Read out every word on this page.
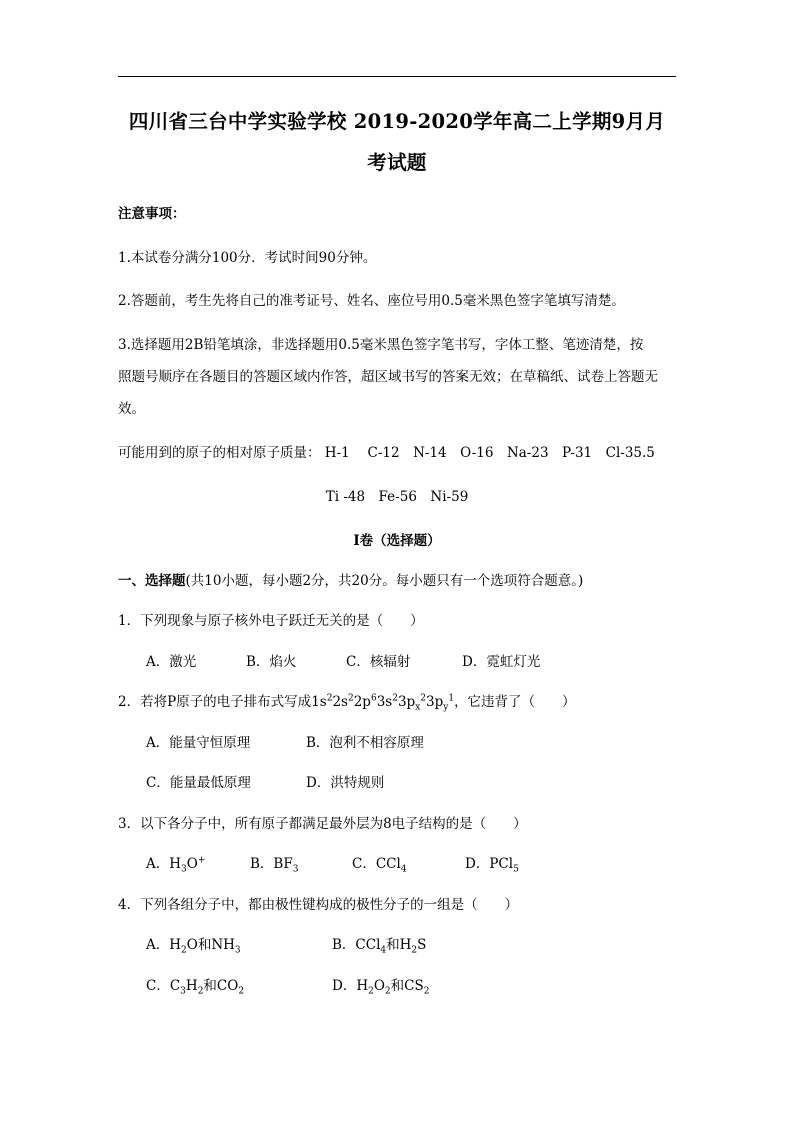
四川省三台中学实验学校 2019-2020学年高二上学期9月月
考试题
注意事项：
1.本试卷分满分100分．考试时间90分钟。
2.答题前，考生先将自己的准考证号、姓名、座位号用0.5毫米黑色签字笔填写清楚。
3.选择题用2B铅笔填涂，非选择题用0.5毫米黑色签字笔书写，字体工整、笔迹清楚，按
照题号顺序在各题目的答题区域内作答，超区域书写的答案无效；在草稿纸、试卷上答题无
效。
可能用到的原子的相对原子质量： H-1 　C-12　N-14　O-16　Na-23　P-31　Cl-35.5
Ti -48　Fe-56　Ni-59
I卷（选择题）
一、选择题(共10小题，每小题2分，共20分。每小题只有一个选项符合题意。)
1．下列现象与原子核外电子跃迁无关的是（　　）
A．激光	B．焰火	C．核辐射	D．霓虹灯光
2．若将P原子的电子排布式写成$1s^22s^22p^63s^23p_x^23p_y^1$，它违背了（　　）
A．能量守恒原理	B．泡利不相容原理
C．能量最低原理	D．洪特规则
3．以下各分子中，所有原子都满足最外层为8电子结构的是（　　）
A．$H_3O^+$	B．$BF_3$	C．CCl$_4$	D．PCl$_5$
4．下列各组分子中，都由极性键构成的极性分子的一组是（　　）
A．$H_2O$和$NH_3$	B．CCl$_4$和$H_2S$
C．$C_3H_2$和$CO_2$	D．$H_2O_2$和$CS_2$
